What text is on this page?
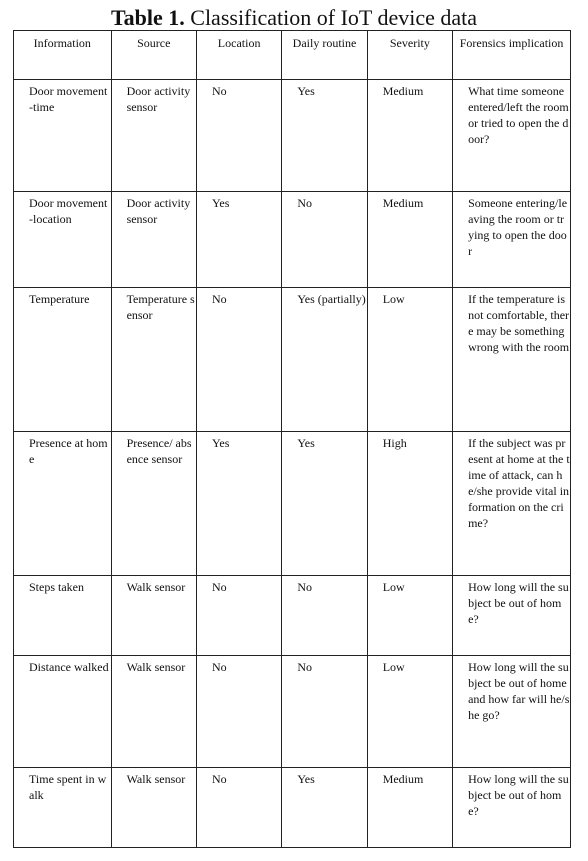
Table 1. Classification of IoT device data
Information	Source	Location	Daily routine	Severity	Forensics implication
Door movement-time	Door activity sensor	No	Yes	Medium	What time someone entered/left the room or tried to open the door?
Door movement-location	Door activity sensor	Yes	No	Medium	Someone entering/leaving the room or trying to open the door
Temperature	Temperature sensor	No	Yes (partially)	Low	If the temperature is not comfortable, there may be something wrong with the room
Presence at home	Presence/ absence sensor	Yes	Yes	High	If the subject was present at home at the time of attack, can he/she provide vital information on the crime?
Steps taken	Walk sensor	No	No	Low	How long will the subject be out of home?
Distance walked	Walk sensor	No	No	Low	How long will the subject be out of home and how far will he/she go?
Time spent in walk	Walk sensor	No	Yes	Medium	How long will the subject be out of home?
